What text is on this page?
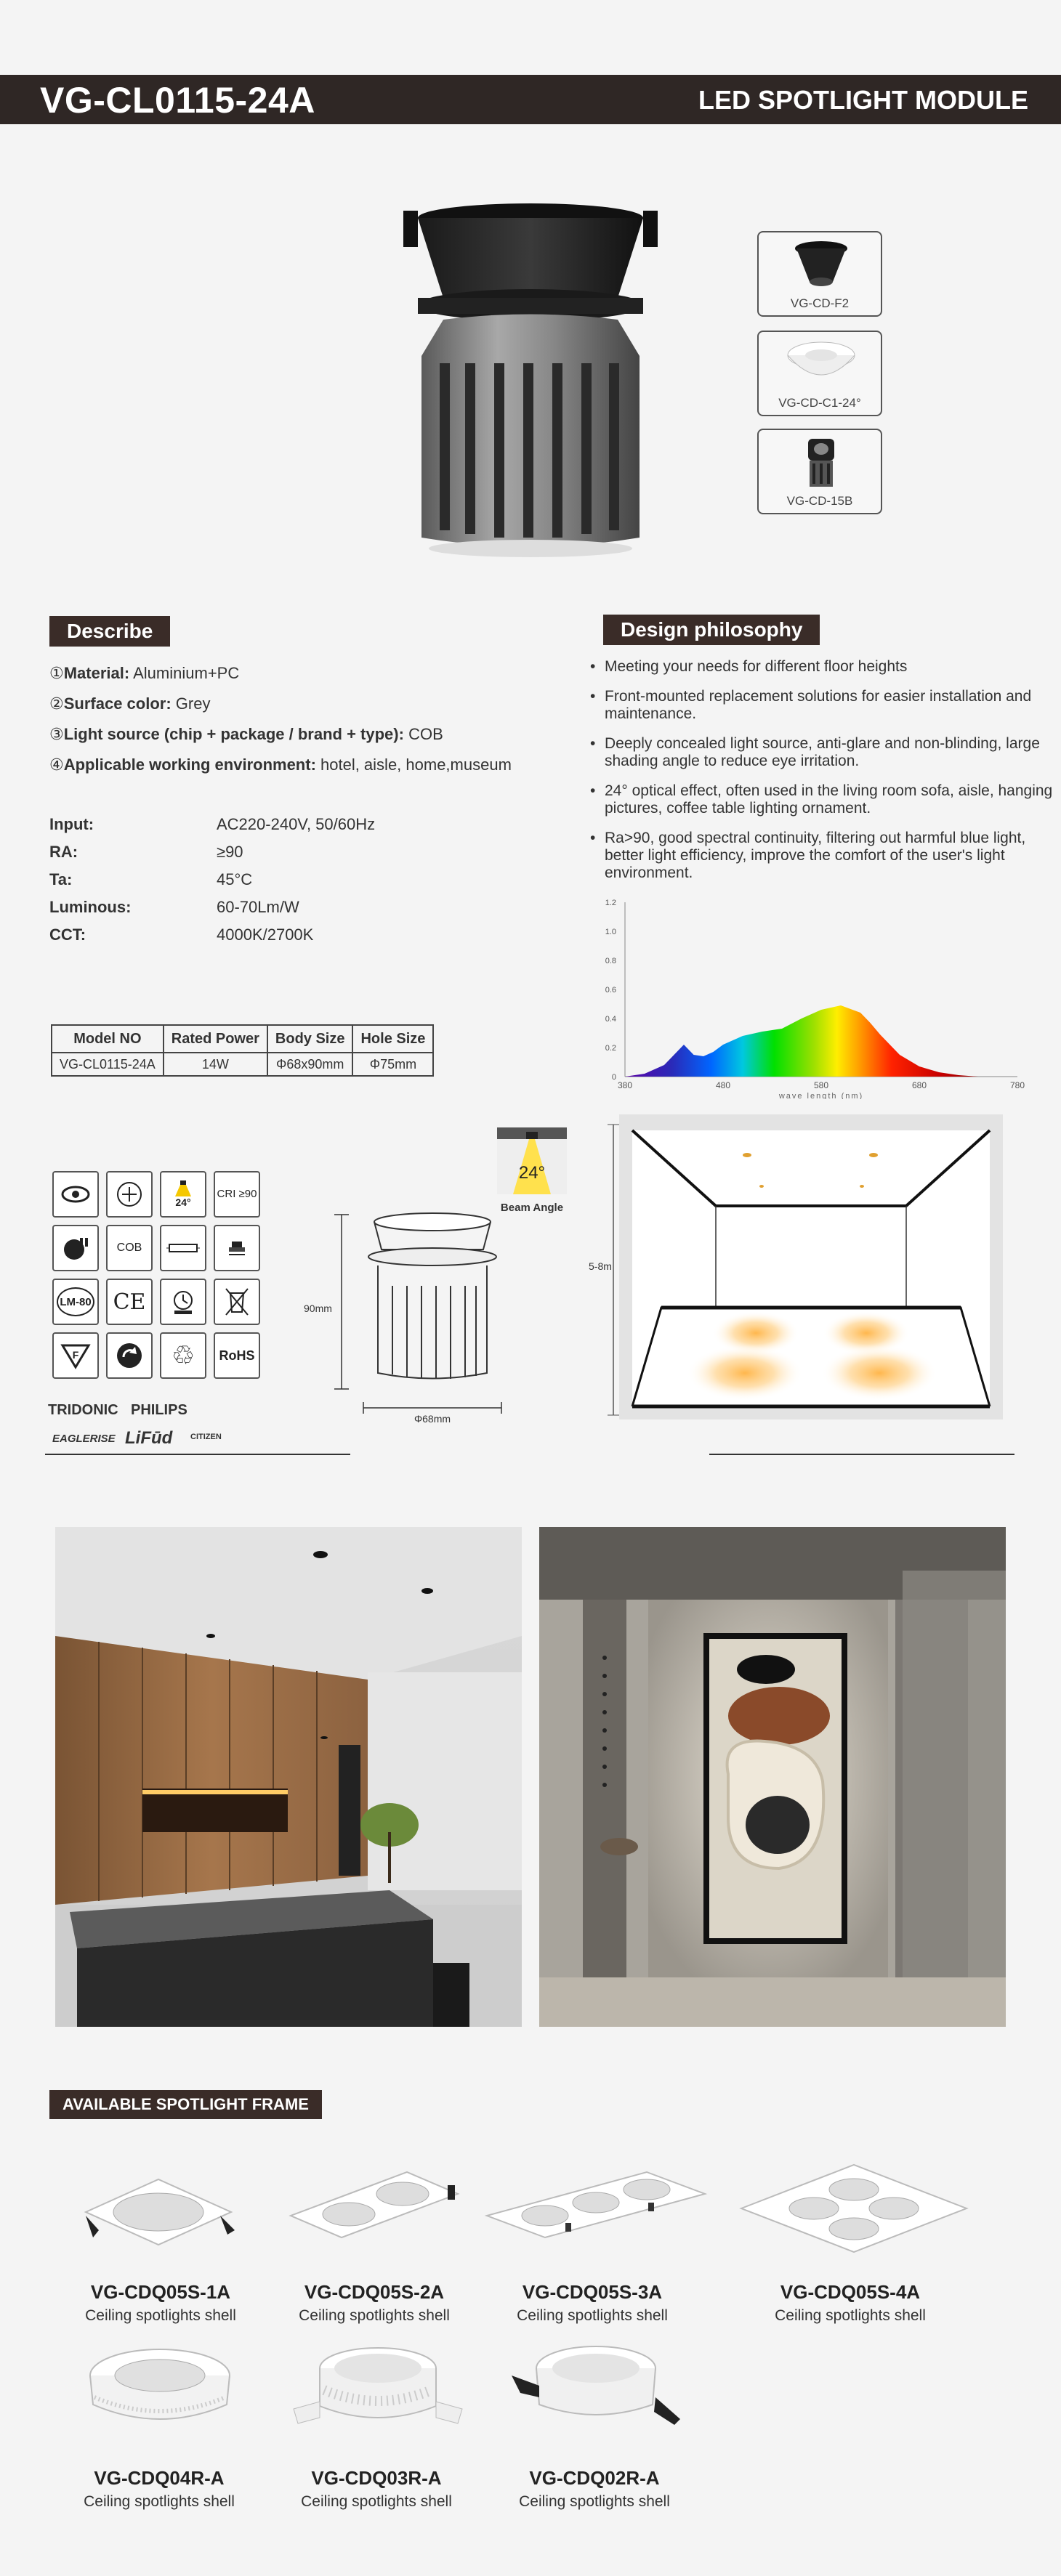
VG-CL0115-24A	LED SPOTLIGHT MODULE
VG-CD-F2
VG-CD-C1-24°
VG-CD-15B
Describe
①Material: Aluminium+PC
②Surface color: Grey
③Light source (chip + package / brand + type): COB
④Applicable working environment: hotel, aisle, home,museum
Input:	AC220-240V, 50/60Hz
RA:	≥90
Ta:	45°C
Luminous:	60-70Lm/W
CCT:	4000K/2700K
Model NO	Rated Power	Body Size	Hole Size
VG-CL0115-24A	14W	Φ68x90mm	Φ75mm
Design philosophy
• Meeting your needs for different floor heights
• Front-mounted replacement solutions for easier installation and maintenance.
• Deeply concealed light source, anti-glare and non-blinding, large shading angle to reduce eye irritation.
• 24° optical effect, often used in the living room sofa, aisle, hanging pictures, coffee table lighting ornament.
• Ra>90, good spectral continuity, filtering out harmful blue light, better light efficiency, improve the comfort of the user's light environment.
0
0.2
0.4
0.6
0.8
1.0
1.2
380	480	580	680	780
wave length (nm)
24°
CRI ≥90
COB
LM-80 CE
F	♲	RoHS
TRIDONIC PHILIPS
EAGLERISE LiFūd CITIZEN
90mm
Φ68mm
24°
Beam Angle
5-8m
AVAILABLE SPOTLIGHT FRAME
VG-CDQ05S-1A
Ceiling spotlights shell
VG-CDQ05S-2A
Ceiling spotlights shell
VG-CDQ05S-3A
Ceiling spotlights shell
VG-CDQ05S-4A
Ceiling spotlights shell
VG-CDQ04R-A
Ceiling spotlights shell
VG-CDQ03R-A
Ceiling spotlights shell
VG-CDQ02R-A
Ceiling spotlights shell
